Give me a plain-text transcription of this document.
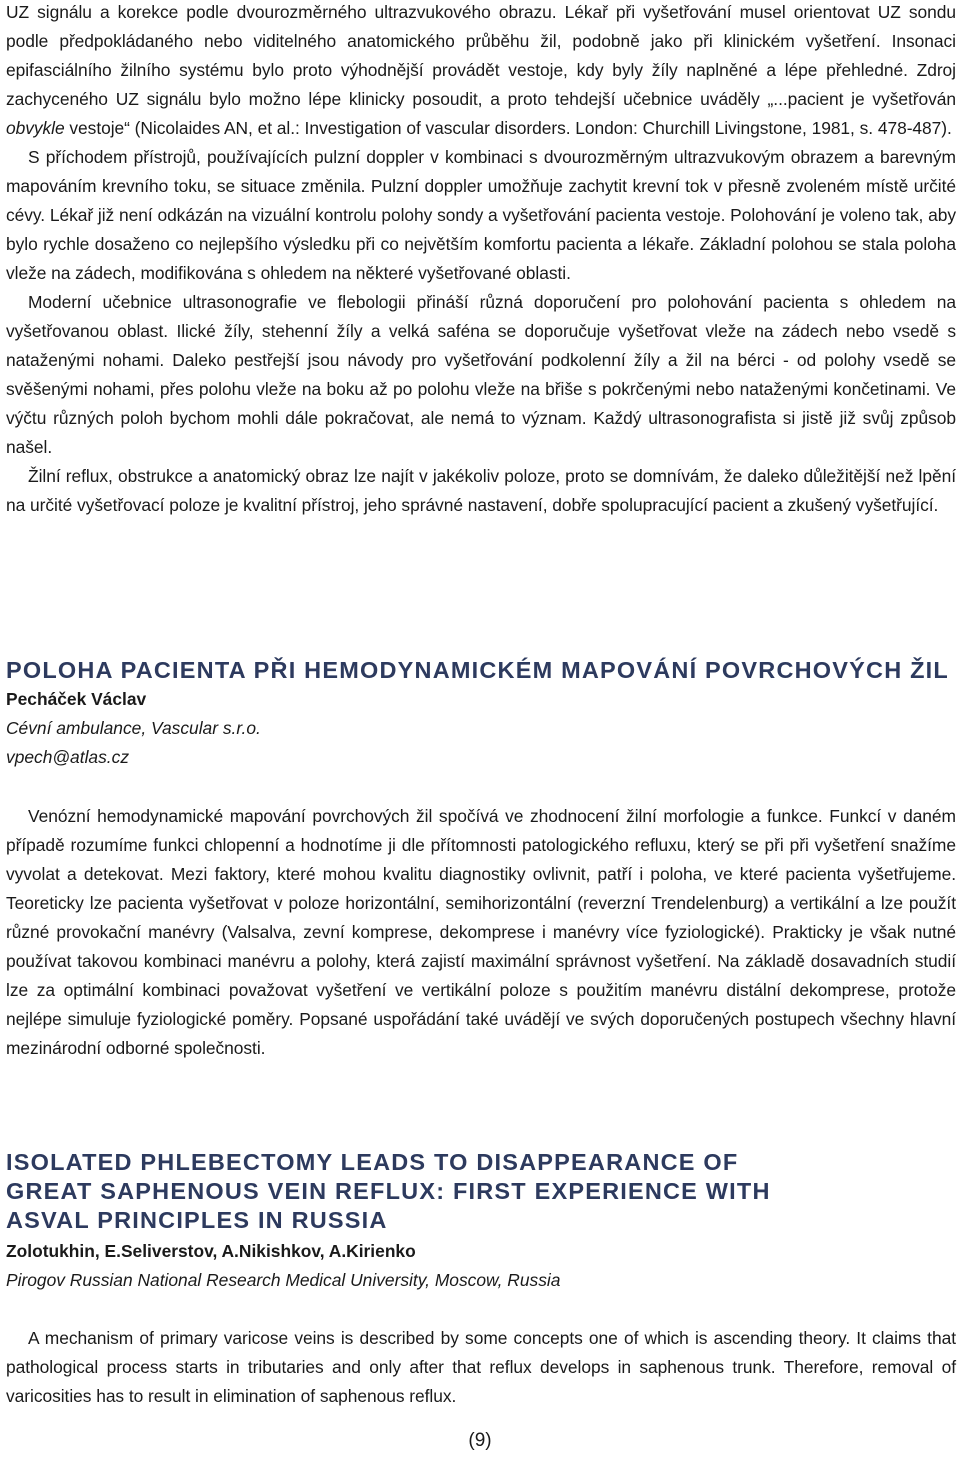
UZ signálu a korekce podle dvourozměrného ultrazvukového obrazu. Lékař při vyšetřování musel orientovat UZ sondu podle předpokládaného nebo viditelného anatomického průběhu žil, podobně jako při klinickém vyšetření. Insonaci epifasciálního žilního systému bylo proto výhodnější provádět vestoje, kdy byly žíly naplněné a lépe přehledné. Zdroj zachyceného UZ signálu bylo možno lépe klinicky posoudit, a proto tehdejší učebnice uváděly „...pacient je vyšetřován obvykle vestoje“ (Nicolaides AN, et al.: Investigation of vascular disorders. London: Churchill Livingstone, 1981, s. 478-487).

S příchodem přístrojů, používajících pulzní doppler v kombinaci s dvourozměrným ultrazvukovým obrazem a barevným mapováním krevního toku, se situace změnila. Pulzní doppler umožňuje zachytit krevní tok v přesně zvoleném místě určité cévy. Lékař již není odkázán na vizuální kontrolu polohy sondy a vyšetřování pacienta vestoje. Polohování je voleno tak, aby bylo rychle dosaženo co nejlepšího výsledku při co největším komfortu pacienta a lékaře. Základní polohou se stala poloha vleže na zádech, modifikována s ohledem na některé vyšetřované oblasti.

Moderní učebnice ultrasonografie ve flebologii přináší různá doporučení pro polohování pacienta s ohledem na vyšetřovanou oblast. Ilické žíly, stehenní žíly a velká saféna se doporučuje vyšetřovat vleže na zádech nebo vsedě s nataženými nohami. Daleko pestřejší jsou návody pro vyšetřování podkolenní žíly a žil na bérci - od polohy vsedě se svěšenými nohami, přes polohu vleže na boku až po polohu vleže na břiše s pokrčenými nebo nataženými končetinami. Ve výčtu různých poloh bychom mohli dále pokračovat, ale nemá to význam. Každý ultrasonografista si jistě již svůj způsob našel.

Žilní reflux, obstrukce a anatomický obraz lze najít v jakékoliv poloze, proto se domnívám, že daleko důležitější než lpění na určité vyšetřovací poloze je kvalitní přístroj, jeho správné nastavení, dobře spolupracující pacient a zkušený vyšetřující.

POLOHA PACIENTA PŘI HEMODYNAMICKÉM MAPOVÁNÍ POVRCHOVÝCH ŽIL

Pecháček Václav

Cévní ambulance, Vascular s.r.o.

vpech@atlas.cz

Venózní hemodynamické mapování povrchových žil spočívá ve zhodnocení žilní morfologie a funkce. Funkcí v daném případě rozumíme funkci chlopenní a hodnotíme ji dle přítomnosti patologického refluxu, který se při při vyšetření snažíme vyvolat a detekovat. Mezi faktory, které mohou kvalitu diagnostiky ovlivnit, patří i poloha, ve které pacienta vyšetřujeme. Teoreticky lze pacienta vyšetřovat v poloze horizontální, semihorizontální (reverzní Trendelenburg) a vertikální a lze použít různé provokační manévry (Valsalva, zevní komprese, dekomprese i manévry více fyziologické). Prakticky je však nutné používat takovou kombinaci manévru a polohy, která zajistí maximální správnost vyšetření. Na základě dosavadních studií lze za optimální kombinaci považovat vyšetření ve vertikální poloze s použitím manévru distální dekomprese, protože nejlépe simuluje fyziologické poměry. Popsané uspořádání také uvádějí ve svých doporučených postupech všechny hlavní mezinárodní odborné společnosti.

ISOLATED PHLEBECTOMY LEADS TO DISAPPEARANCE OF GREAT SAPHENOUS VEIN REFLUX: FIRST EXPERIENCE WITH ASVAL PRINCIPLES IN RUSSIA

Zolotukhin, E.Seliverstov, A.Nikishkov, A.Kirienko

Pirogov Russian National Research Medical University, Moscow, Russia

A mechanism of primary varicose veins is described by some concepts one of which is ascending theory. It claims that pathological process starts in tributaries and only after that reflux develops in saphenous trunk. Therefore, removal of varicosities has to result in elimination of saphenous reflux.

(9)
